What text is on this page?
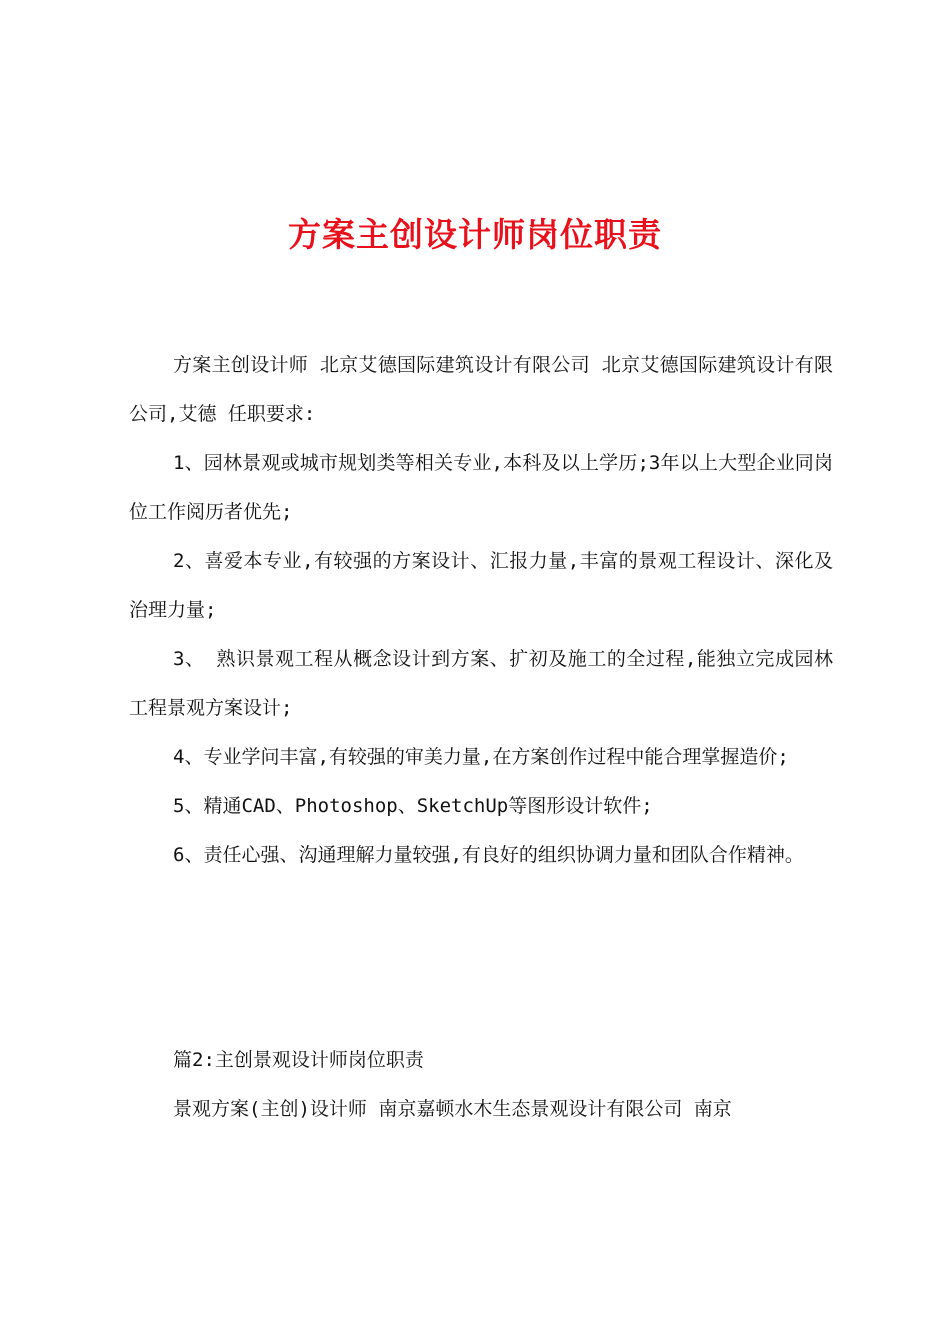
方案主创设计师岗位职责

方案主创设计师 北京艾德国际建筑设计有限公司 北京艾德国际建筑设计有限公司,艾德 任职要求:

1、园林景观或城市规划类等相关专业,本科及以上学历;3年以上大型企业同岗位工作阅历者优先;

2、喜爱本专业,有较强的方案设计、汇报力量,丰富的景观工程设计、深化及治理力量;

3、 熟识景观工程从概念设计到方案、扩初及施工的全过程,能独立完成园林工程景观方案设计;

4、专业学问丰富,有较强的审美力量,在方案创作过程中能合理掌握造价;

5、精通CAD、Photoshop、SketchUp等图形设计软件;

6、责任心强、沟通理解力量较强,有良好的组织协调力量和团队合作精神。

篇2:主创景观设计师岗位职责

景观方案(主创)设计师 南京嘉顿水木生态景观设计有限公司 南京
